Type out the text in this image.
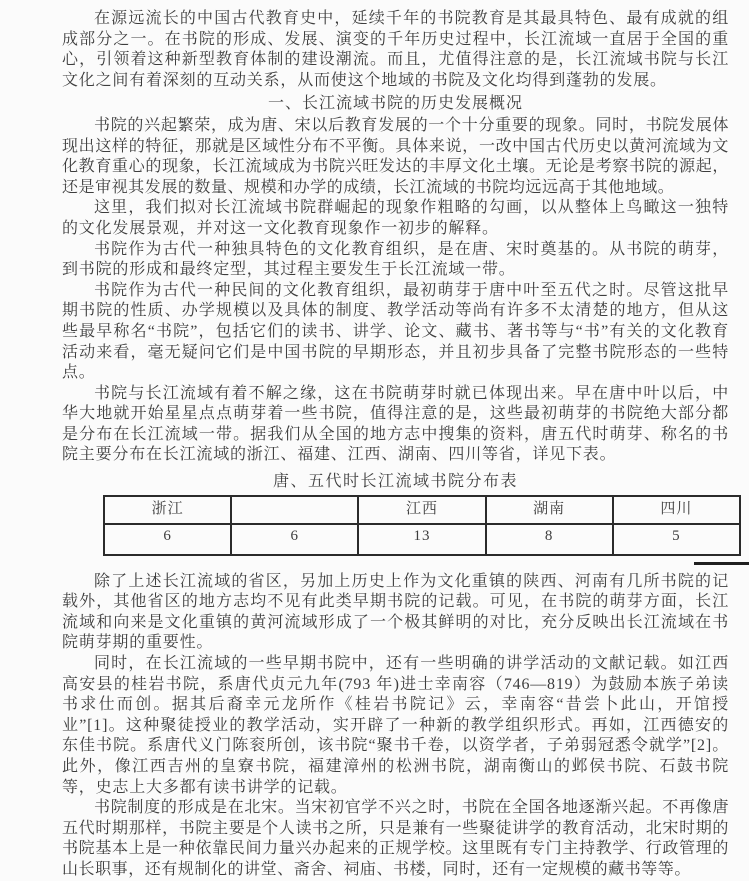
在源远流长的中国古代教育史中，延续千年的书院教育是其最具特色、最有成就的组成部分之一。在书院的形成、发展、演变的千年历史过程中，长江流域一直居于全国的重心，引领着这种新型教育体制的建设潮流。而且，尤值得注意的是，长江流域书院与长江文化之间有着深刻的互动关系，从而使这个地域的书院及文化均得到蓬勃的发展。

一、长江流域书院的历史发展概况

书院的兴起繁荣，成为唐、宋以后教育发展的一个十分重要的现象。同时，书院发展体现出这样的特征，那就是区域性分布不平衡。具体来说，一改中国古代历史以黄河流域为文化教育重心的现象，长江流域成为书院兴旺发达的丰厚文化土壤。无论是考察书院的源起，还是审视其发展的数量、规模和办学的成绩，长江流域的书院均远远高于其他地域。

这里，我们拟对长江流域书院群崛起的现象作粗略的勾画，以从整体上鸟瞰这一独特的文化发展景观，并对这一文化教育现象作一初步的解释。

书院作为古代一种独具特色的文化教育组织，是在唐、宋时奠基的。从书院的萌芽，到书院的形成和最终定型，其过程主要发生于长江流域一带。

书院作为古代一种民间的文化教育组织，最初萌芽于唐中叶至五代之时。尽管这批早期书院的性质、办学规模以及具体的制度、教学活动等尚有许多不太清楚的地方，但从这些最早称名“书院”，包括它们的读书、讲学、论文、藏书、著书等与“书”有关的文化教育活动来看，毫无疑问它们是中国书院的早期形态，并且初步具备了完整书院形态的一些特点。

书院与长江流域有着不解之缘，这在书院萌芽时就已体现出来。早在唐中叶以后，中华大地就开始星星点点萌芽着一些书院，值得注意的是，这些最初萌芽的书院绝大部分都是分布在长江流域一带。据我们从全国的地方志中搜集的资料，唐五代时萌芽、称名的书院主要分布在长江流域的浙江、福建、江西、湖南、四川等省，详见下表。

唐、五代时长江流域书院分布表
浙江		江西	湖南	四川
6	6	13	8	5

除了上述长江流域的省区，另加上历史上作为文化重镇的陕西、河南有几所书院的记载外，其他省区的地方志均不见有此类早期书院的记载。可见，在书院的萌芽方面，长江流域和向来是文化重镇的黄河流域形成了一个极其鲜明的对比，充分反映出长江流域在书院萌芽期的重要性。

同时，在长江流域的一些早期书院中，还有一些明确的讲学活动的文献记载。如江西高安县的桂岩书院，系唐代贞元九年(793 年)进士幸南容（746—819）为鼓励本族子弟读书求仕而创。据其后裔幸元龙所作《桂岩书院记》云，幸南容“昔尝卜此山，开馆授业”[1]。这种聚徒授业的教学活动，实开辟了一种新的教学组织形式。再如，江西德安的东佳书院。系唐代义门陈衮所创，该书院“聚书千卷，以资学者，子弟弱冠悉令就学”[2]。此外，像江西吉州的皇寮书院，福建漳州的松洲书院，湖南衡山的邺侯书院、石鼓书院等，史志上大多都有读书讲学的记载。

书院制度的形成是在北宋。当宋初官学不兴之时，书院在全国各地逐渐兴起。不再像唐五代时期那样，书院主要是个人读书之所，只是兼有一些聚徒讲学的教育活动，北宋时期的书院基本上是一种依靠民间力量兴办起来的正规学校。这里既有专门主持教学、行政管理的山长职事，还有规制化的讲堂、斋舍、祠庙、书楼，同时，还有一定规模的藏书等等。
